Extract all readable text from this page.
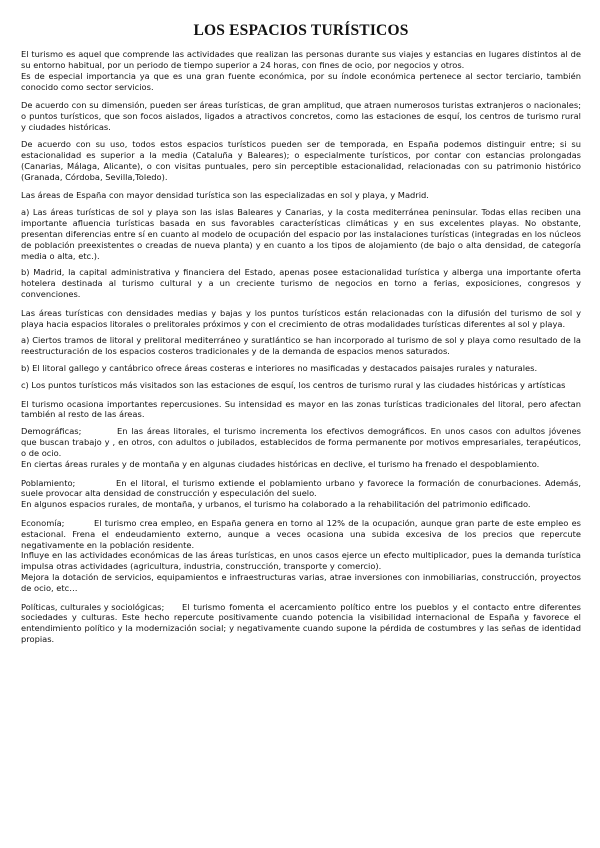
LOS ESPACIOS TURÍSTICOS

El turismo es aquel que comprende las actividades que realizan las personas durante sus viajes y estancias en lugares distintos al de su entorno habitual, por un periodo de tiempo superior a 24 horas, con fines de ocio, por negocios y otros.

Es de especial importancia ya que es una gran fuente económica, por su índole económica pertenece al sector terciario, también conocido como sector servicios.

De acuerdo con su dimensión, pueden ser áreas turísticas, de gran amplitud, que atraen numerosos turistas extranjeros o nacionales; o puntos turísticos, que son focos aislados, ligados a atractivos concretos, como las estaciones de esquí, los centros de turismo rural y ciudades históricas.

De acuerdo con su uso, todos estos espacios turísticos pueden ser de temporada, en España podemos distinguir entre; si su estacionalidad es superior a la media (Cataluña y Baleares); o especialmente turísticos, por contar con estancias prolongadas (Canarias, Málaga, Alicante), o con visitas puntuales, pero sin perceptible estacionalidad, relacionadas con su patrimonio histórico (Granada, Córdoba, Sevilla,Toledo).

Las áreas de España con mayor densidad turística son las especializadas en sol y playa, y Madrid.

a) Las áreas turísticas de sol y playa son las islas Baleares y Canarias, y la costa mediterránea peninsular. Todas ellas reciben una importante afluencia turísticas basada en sus favorables características climáticas y en sus excelentes playas. No obstante, presentan diferencias entre sí en cuanto al modelo de ocupación del espacio por las instalaciones turísticas (integradas en los núcleos de población preexistentes o creadas de nueva planta) y en cuanto a los tipos de alojamiento (de bajo o alta densidad, de categoría media o alta, etc.).

b) Madrid, la capital administrativa y financiera del Estado, apenas posee estacionalidad turística y alberga una importante oferta hotelera destinada al turismo cultural y a un creciente turismo de negocios en torno a ferias, exposiciones, congresos y convenciones.

Las áreas turísticas con densidades medias y bajas y los puntos turísticos están relacionadas con la difusión del turismo de sol y playa hacia espacios litorales o prelitorales próximos y con el crecimiento de otras modalidades turísticas diferentes al sol y playa.

a) Ciertos tramos de litoral y prelitoral mediterráneo y suratlántico se han incorporado al turismo de sol y playa como resultado de la reestructuración de los espacios costeros tradicionales y de la demanda de espacios menos saturados.

b) El litoral gallego y cantábrico ofrece áreas costeras e interiores no masificadas y destacados paisajes rurales y naturales.

c) Los puntos turísticos más visitados son las estaciones de esquí, los centros de turismo rural y las ciudades históricas y artísticas

El turismo ocasiona importantes repercusiones. Su intensidad es mayor en las zonas turísticas tradicionales del litoral, pero afectan también al resto de las áreas.

Demográficas;	En las áreas litorales, el turismo incrementa los efectivos demográficos. En unos casos con adultos jóvenes que buscan trabajo y , en otros, con adultos o jubilados, establecidos de forma permanente por motivos empresariales, terapéuticos, o de ocio.

En ciertas áreas rurales y de montaña y en algunas ciudades históricas en declive, el turismo ha frenado el despoblamiento.

Poblamiento;	En el litoral, el turismo extiende el poblamiento urbano y favorece la formación de conurbaciones. Además, suele provocar alta densidad de construcción y especulación del suelo.

En algunos espacios rurales, de montaña, y urbanos, el turismo ha colaborado a la rehabilitación del patrimonio edificado.

Economía;	El turismo crea empleo, en España genera en torno al 12% de la ocupación, aunque gran parte de este empleo es estacional. Frena el endeudamiento externo, aunque a veces ocasiona una subida excesiva de los precios que repercute negativamente en la población residente.

Influye en las actividades económicas de las áreas turísticas, en unos casos ejerce un efecto multiplicador, pues la demanda turística impulsa otras actividades (agricultura, industria, construcción, transporte y comercio).

Mejora la dotación de servicios, equipamientos e infraestructuras varias, atrae inversiones con inmobiliarias, construcción, proyectos de ocio, etc…

Políticas, culturales y sociológicas; El turismo fomenta el acercamiento político entre los pueblos y el contacto entre diferentes sociedades y culturas. Este hecho repercute positivamente cuando potencia la visibilidad internacional de España y favorece el entendimiento político y la modernización social; y negativamente cuando supone la pérdida de costumbres y las señas de identidad propias.
